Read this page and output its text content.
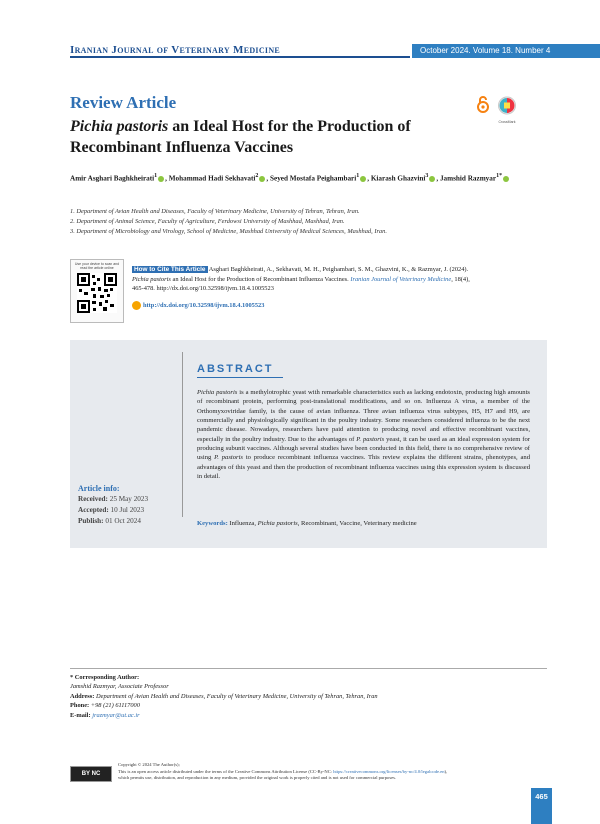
Iranian Journal of Veterinary Medicine	October 2024. Volume 18. Number 4
Review Article
Pichia pastoris an Ideal Host for the Production of Recombinant Influenza Vaccines
CrossMark
Amir Asghari Baghkheirati$^1$ , Mohammad Hadi Sekhavati$^2$ , Seyed Mostafa Peighambari$^1$ , Kiarash Ghazvini$^3$ , Jamshid Razmyar$^{1*}$
1. Department of Avian Health and Diseases, Faculty of Veterinary Medicine, University of Tehran, Tehran, Iran.
2. Department of Animal Science, Faculty of Agriculture, Ferdowsi University of Mashhad, Mashhad, Iran.
3. Department of Microbiology and Virology, School of Medicine, Mashhad University of Medical Sciences, Mashhad, Iran.
Use your device to scan and read the article online	How to Cite This Article Asghari Baghkheirati, A., Sekhavati, M. H., Peighambari, S. M., Ghazvini, K., & Razmyar, J. (2024).
Pichia pastoris an Ideal Host for the Production of Recombinant Influenza Vaccines. Iranian Journal of Veterinary Medicine, 18(4),
465-478. http://dx.doi.org/10.32598/ijvm.18.4.1005523
http://dx.doi.org/10.32598/ijvm.18.4.1005523
ABSTRACT
Pichia pastoris is a methylotrophic yeast with remarkable characteristics such as lacking endotoxin, producing high amounts of recombinant protein, performing post-translational modifications, and so on. Influenza A virus, a member of the Orthomyxoviridae family, is the cause of avian influenza. Three avian influenza virus subtypes, H5, H7 and H9, are commercially and physiologically significant in the poultry industry. Some researchers considered influenza to be the next pandemic disease. Nowadays, researchers have paid attention to producing novel and effective recombinant vaccines, especially in the poultry industry. Due to the advantages of P. pastoris yeast, it can be used as an ideal expression system for producing subunit vaccines. Although several studies have been conducted in this field, there is no comprehensive review of using P. pastoris to produce recombinant influenza vaccines. This review explains the different strains, phenotypes, and advantages of this yeast and then the production of recombinant influenza vaccines using this expression system is discussed in detail.
Keywords: Influenza, Pichia pastoris, Recombinant, Vaccine, Veterinary medicine
Article info:
Received: 25 May 2023
Accepted: 10 Jul 2023
Publish: 01 Oct 2024
* Corresponding Author:
Jamshid Razmyar, Associate Professor
Address: Department of Avian Health and Diseases, Faculty of Veterinary Medicine, University of Tehran, Tehran, Iran
Phone: +98 (21) 61117000
E-mail: jrazmyar@ut.ac.ir
BY NC
Copyright © 2024 The Author(s);
This is an open access article distributed under the terms of the Creative Commons Attribution License (CC-By-NC: https://creativecommons.org/licenses/by-nc/4.0/legalcode.en),
which permits use, distribution, and reproduction in any medium, provided the original work is properly cited and is not used for commercial purposes.
465
